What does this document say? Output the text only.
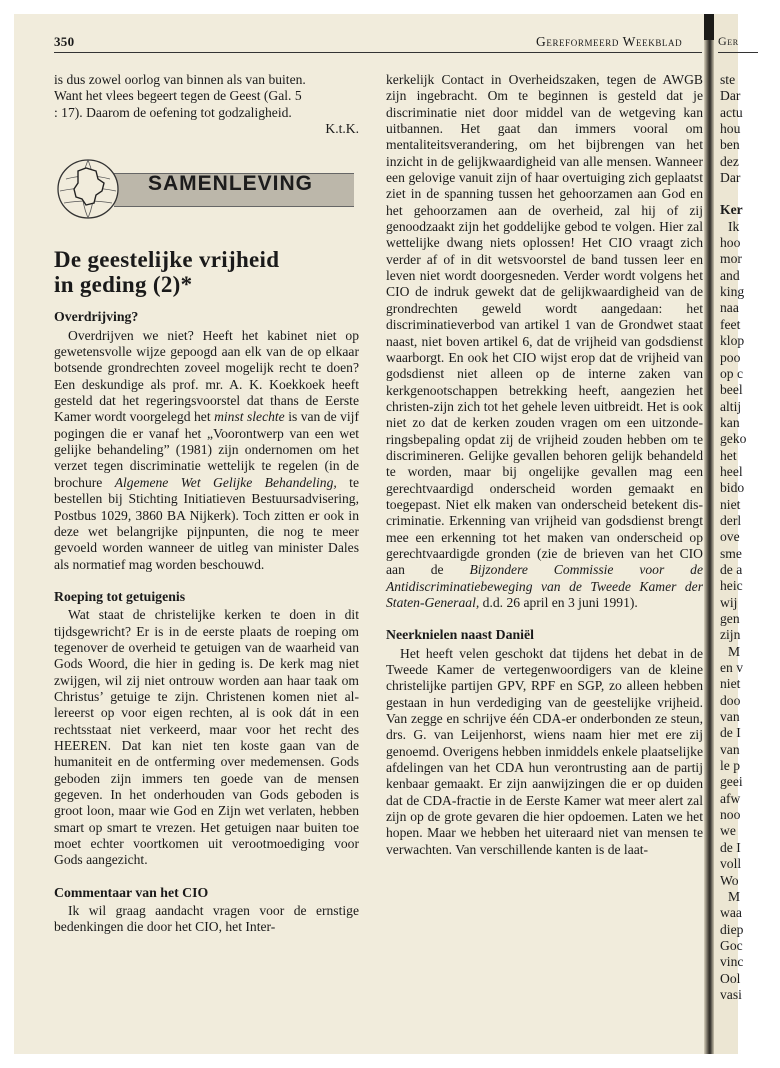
350	Gereformeerd Weekblad

is dus zowel oorlog van binnen als van buiten.

Want het vlees begeert tegen de Geest (Gal. 5

: 17). Daarom de oefening tot godzaligheid.

K.t.K.

SAMENLEVING
De geestelijke vrijheid
in geding (2)*
Overdrijving?

Overdrijven we niet? Heeft het kabinet niet op gewetensvolle wijze gepoogd aan elk van de op elkaar botsende grondrechten zoveel mogelijk recht te doen? Een deskundige als prof. mr. A. K. Koekkoek heeft gesteld dat het regeringsvoorstel dat thans de Eerste Kamer wordt voorgelegd het minst slechte is van de vijf pogingen die er vanaf het „Voorontwerp van een wet gelijke behandeling” (1981) zijn ondernomen om het verzet tegen discriminatie wettelijk te regelen (in de brochure Algemene Wet Gelijke Behandeling, te bestellen bij Stichting Initiatieven Bestuursadvisering, Postbus 1029, 3860 BA Nijkerk). Toch zitten er ook in deze wet belangrijke pijnpunten, die nog te meer gevoeld worden wanneer de uitleg van minister Dales als normatief mag worden beschouwd.

Roeping tot getuigenis

Wat staat de christelijke kerken te doen in dit tijdsgewricht? Er is in de eerste plaats de roeping om tegenover de overheid te getuigen van de waarheid van Gods Woord, die hier in geding is. De kerk mag niet zwijgen, wil zij niet ontrouw worden aan haar taak om Christus’ getuige te zijn. Christenen komen niet allereerst op voor eigen rechten, al is ook dát in een rechtsstaat niet verkeerd, maar voor het recht des HEEREN. Dat kan niet ten koste gaan van de humaniteit en de ontferming over medemensen. Gods geboden zijn immers ten goede van de mensen gegeven. In het onderhouden van Gods geboden is groot loon, maar wie God en Zijn wet verlaten, hebben smart op smart te vrezen. Het getuigen naar buiten toe moet echter voortkomen uit verootmoediging voor Gods aangezicht.

Commentaar van het CIO

Ik wil graag aandacht vragen voor de ernstige bedenkingen die door het CIO, het Inter-

kerkelijk Contact in Overheidszaken, tegen de AWGB zijn ingebracht. Om te beginnen is gesteld dat je discriminatie niet door middel van de wetgeving kan uitbannen. Het gaat dan immers vooral om mentaliteitsverandering, om het bijbrengen van het inzicht in de gelijkwaardigheid van alle mensen. Wanneer een gelovige vanuit zijn of haar overtuiging zich geplaatst ziet in de spanning tussen het gehoorzamen aan God en het gehoorzamen aan de overheid, zal hij of zij genoodzaakt zijn het goddelijke gebod te volgen. Hier zal wettelijke dwang niets oplossen! Het CIO vraagt zich verder af of in dit wetsvoorstel de band tussen leer en leven niet wordt doorgesneden. Verder wordt volgens het CIO de indruk gewekt dat de gelijkwaardigheid van de grondrechten geweld wordt aangedaan: het discriminatieverbod van artikel 1 van de Grondwet staat naast, niet boven artikel 6, dat de vrijheid van godsdienst waarborgt. En ook het CIO wijst erop dat de vrijheid van godsdienst niet alleen op de interne zaken van kerkgenootschappen betrekking heeft, aangezien het christen-zijn zich tot het gehele leven uitbreidt. Het is ook niet zo dat de kerken zouden vragen om een uitzonderingsbepaling opdat zij de vrijheid zouden hebben om te discrimineren. Gelijke gevallen behoren gelijk behandeld te worden, maar bij ongelijke gevallen mag een gerechtvaardigd onderscheid worden gemaakt en toegepast. Niet elk maken van onderscheid betekent discriminatie. Erkenning van vrijheid van godsdienst brengt mee een erkenning tot het maken van onderscheid op gerechtvaardigde gronden (zie de brieven van het CIO aan de Bijzondere Commissie voor de Antidiscriminatiebeweging van de Tweede Kamer der Staten-Generaal, d.d. 26 april en 3 juni 1991).

Neerknielen naast Daniël

Het heeft velen geschokt dat tijdens het debat in de Tweede Kamer de vertegenwoordigers van de kleine christelijke partijen GPV, RPF en SGP, zo alleen hebben gestaan in hun verdediging van de geestelijke vrijheid. Van zegge en schrijve één CDA-er onderbonden ze steun, drs. G. van Leijenhorst, wiens naam hier met ere zij genoemd. Overigens hebben inmiddels enkele plaatselijke afdelingen van het CDA hun verontrusting aan de partij kenbaar gemaakt. Er zijn aanwijzingen die er op duiden dat de CDA-fractie in de Eerste Kamer wat meer alert zal zijn op de grote gevaren die hier opdoemen. Laten we het hopen. Maar we hebben het uiteraard niet van mensen te verwachten. Van verschillende kanten is de laat-

Ger
ste
Dar
actu
hou
ben
dez
Dar
Ker
Ik
hoo
mor
and
king
naa
feet
klop
poo
op c
beel
altij
kan
geko
het
heel
bido
niet
derl
ove
sme
de a
heic
wij
gen
zijn
M
en v
niet
doo
van
de I
van
le p
geei
afw
noo
we
de I
voll
Wo
M
waa
diep
Goc
vinc
Ool
vasi
